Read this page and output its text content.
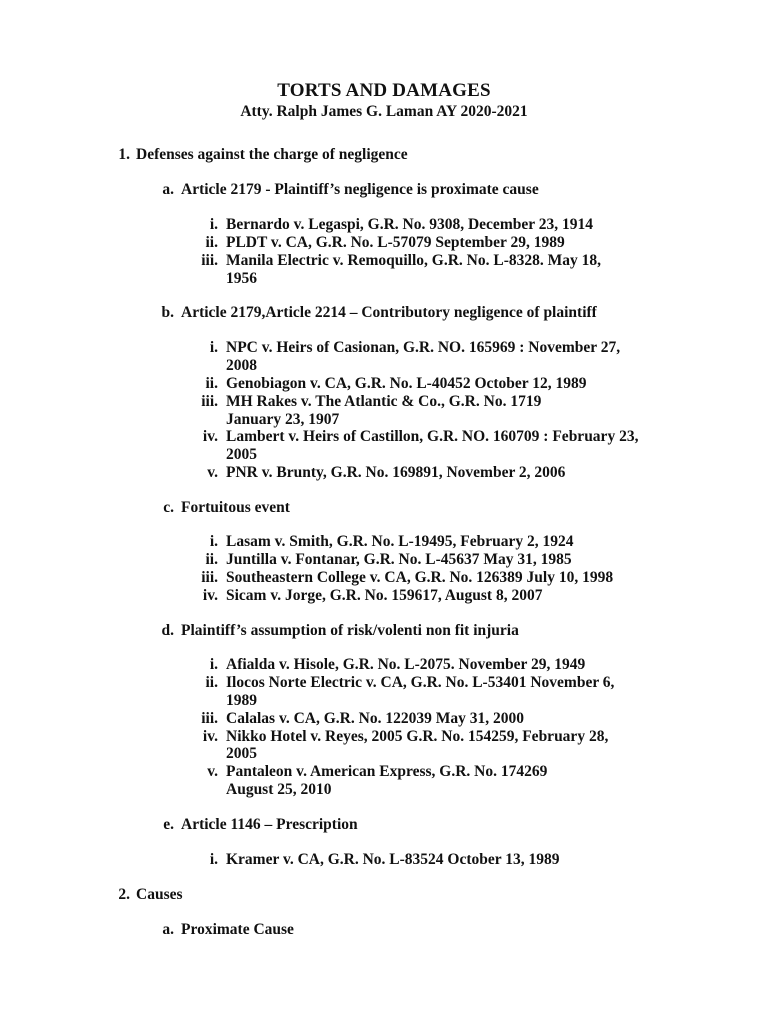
TORTS AND DAMAGES
Atty. Ralph James G. Laman AY 2020-2021
1. Defenses against the charge of negligence
a. Article 2179 - Plaintiff’s negligence is proximate cause
i. Bernardo v. Legaspi, G.R. No. 9308, December 23, 1914
ii. PLDT v. CA, G.R. No. L-57079 September 29, 1989
iii. Manila Electric v. Remoquillo, G.R. No. L-8328. May 18,
1956
b. Article 2179,Article 2214 – Contributory negligence of plaintiff
i. NPC v. Heirs of Casionan, G.R. NO. 165969 : November 27,
2008
ii. Genobiagon v. CA, G.R. No. L-40452 October 12, 1989
iii. MH Rakes v. The Atlantic & Co., G.R. No. 1719
January 23, 1907
iv. Lambert v. Heirs of Castillon, G.R. NO. 160709 : February 23,
2005
v. PNR v. Brunty, G.R. No. 169891, November 2, 2006
c. Fortuitous event
i. Lasam v. Smith, G.R. No. L-19495, February 2, 1924
ii. Juntilla v. Fontanar, G.R. No. L-45637 May 31, 1985
iii. Southeastern College v. CA, G.R. No. 126389 July 10, 1998
iv. Sicam v. Jorge, G.R. No. 159617, August 8, 2007
d. Plaintiff’s assumption of risk/volenti non fit injuria
i. Afialda v. Hisole, G.R. No. L-2075. November 29, 1949
ii. Ilocos Norte Electric v. CA, G.R. No. L-53401 November 6,
1989
iii. Calalas v. CA, G.R. No. 122039 May 31, 2000
iv. Nikko Hotel v. Reyes, 2005 G.R. No. 154259, February 28,
2005
v. Pantaleon v. American Express, G.R. No. 174269
August 25, 2010
e. Article 1146 – Prescription
i. Kramer v. CA, G.R. No. L-83524 October 13, 1989
2. Causes
a. Proximate Cause
